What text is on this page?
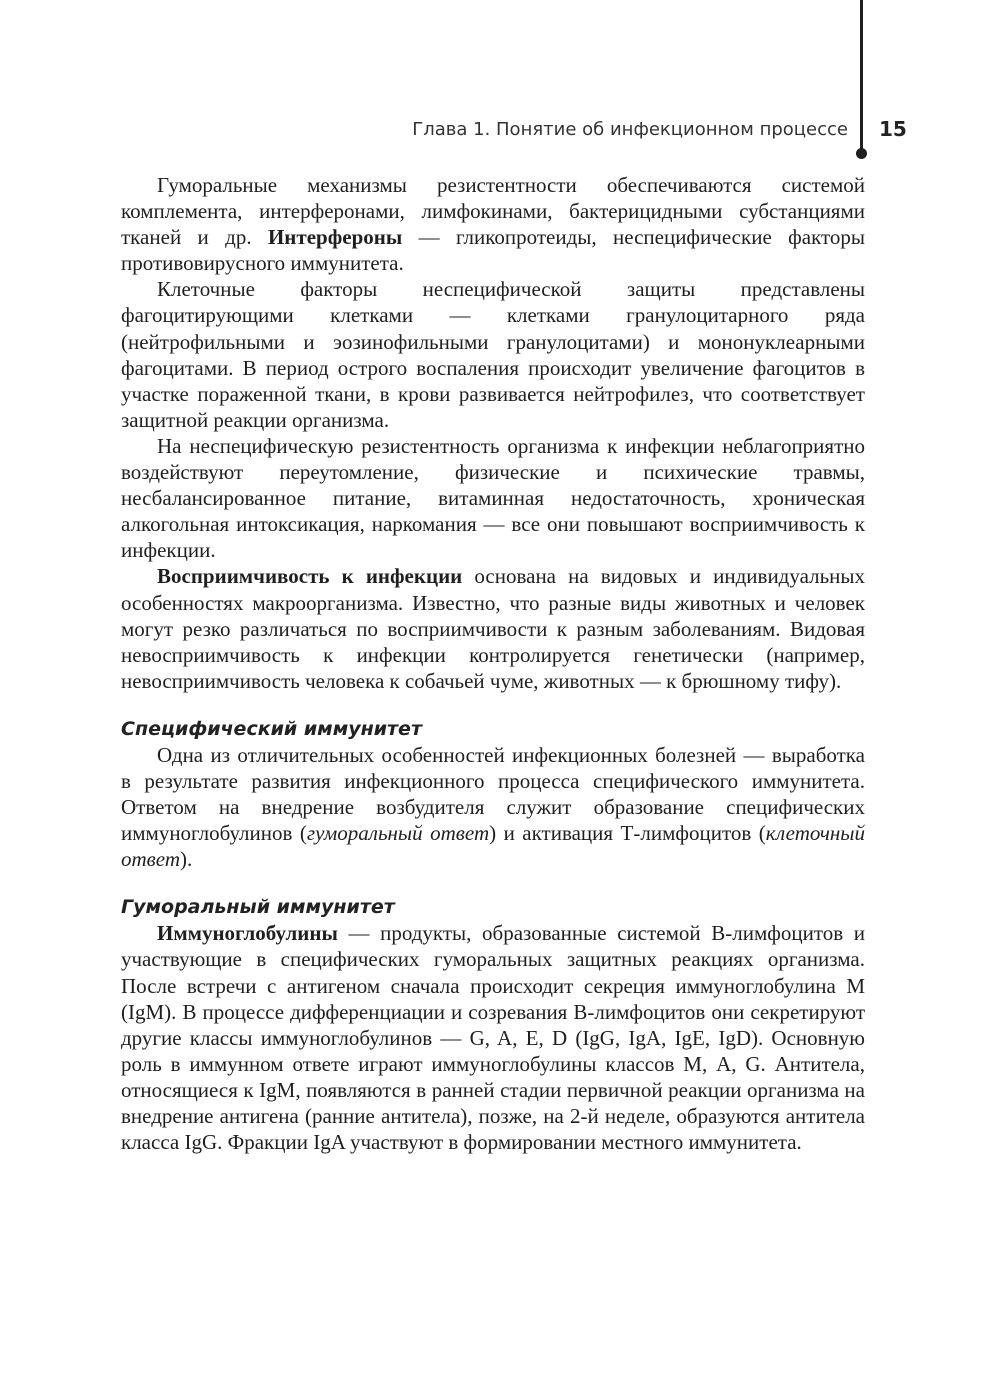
Глава 1. Понятие об инфекционном процессе 15

Гуморальные механизмы резистентности обеспечиваются системой комплемента, интерферонами, лимфокинами, бактерицидными субстанциями тканей и др. Интерфероны — гликопротеиды, неспецифические факторы противовирусного иммунитета.

Клеточные факторы неспецифической защиты представлены фагоцитирующими клетками — клетками гранулоцитарного ряда (нейтрофильными и эозинофильными гранулоцитами) и мононуклеарными фагоцитами. В период острого воспаления происходит увеличение фагоцитов в участке пораженной ткани, в крови развивается нейтрофилез, что соответствует защитной реакции организма.

На неспецифическую резистентность организма к инфекции неблагоприятно воздействуют переутомление, физические и психические травмы, несбалансированное питание, витаминная недостаточность, хроническая алкогольная интоксикация, наркомания — все они повышают восприимчивость к инфекции.

Восприимчивость к инфекции основана на видовых и индивидуальных особенностях макроорганизма. Известно, что разные виды животных и человек могут резко различаться по восприимчивости к разным заболеваниям. Видовая невосприимчивость к инфекции контролируется генетически (например, невосприимчивость человека к собачьей чуме, животных — к брюшному тифу).

Специфический иммунитет

Одна из отличительных особенностей инфекционных болезней — выработка в результате развития инфекционного процесса специфического иммунитета. Ответом на внедрение возбудителя служит образование специфических иммуноглобулинов (гуморальный ответ) и активация Т-лимфоцитов (клеточный ответ).

Гуморальный иммунитет

Иммуноглобулины — продукты, образованные системой В-лимфоцитов и участвующие в специфических гуморальных защитных реакциях организма. После встречи с антигеном сначала происходит секреция иммуноглобулина М (IgM). В процессе дифференциации и созревания В-лимфоцитов они секретируют другие классы иммуноглобулинов — G, A, E, D (IgG, IgA, IgE, IgD). Основную роль в иммунном ответе играют иммуноглобулины классов М, А, G. Антитела, относящиеся к IgM, появляются в ранней стадии первичной реакции организма на внедрение антигена (ранние антитела), позже, на 2-й неделе, образуются антитела класса IgG. Фракции IgA участвуют в формировании местного иммунитета.
